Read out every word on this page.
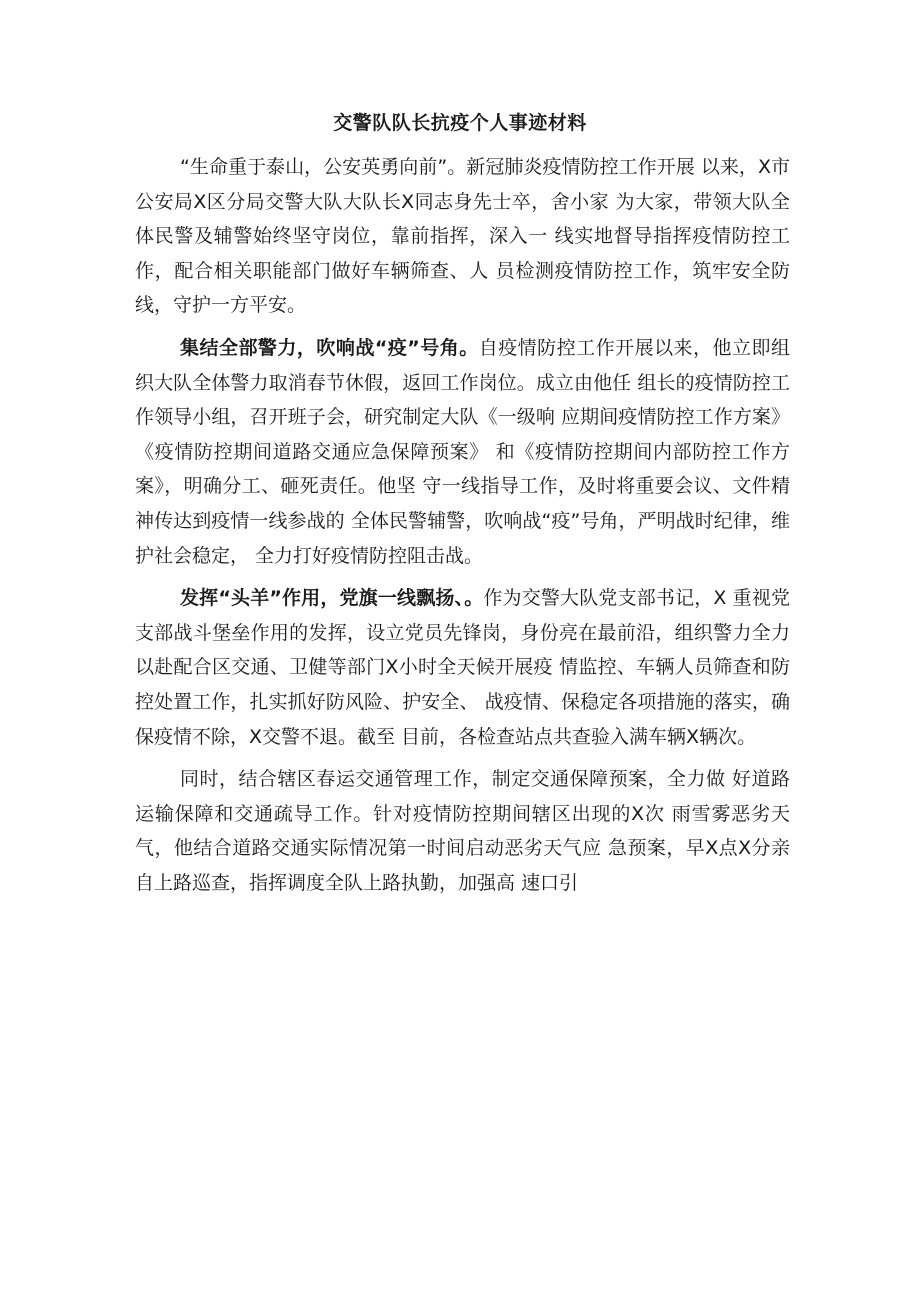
交警队队长抗疫个人事迹材料

“生命重于泰山，公安英勇向前”。新冠肺炎疫情防控工作开展 以来，X市公安局X区分局交警大队大队长X同志身先士卒，舍小家 为大家，带领大队全体民警及辅警始终坚守岗位，靠前指挥，深入一 线实地督导指挥疫情防控工作，配合相关职能部门做好车辆筛查、人 员检测疫情防控工作，筑牢安全防线，守护一方平安。

集结全部警力，吹响战“疫”号角。自疫情防控工作开展以来，他立即组织大队全体警力取消春节休假，返回工作岗位。成立由他任 组长的疫情防控工作领导小组，召开班子会，研究制定大队《一级响 应期间疫情防控工作方案》《疫情防控期间道路交通应急保障预案》 和《疫情防控期间内部防控工作方案》，明确分工、砸死责任。他坚 守一线指导工作，及时将重要会议、文件精神传达到疫情一线参战的 全体民警辅警，吹响战“疫”号角，严明战时纪律，维护社会稳定， 全力打好疫情防控阻击战。

发挥“头羊”作用，党旗一线飘扬、。作为交警大队党支部书记，X 重视党支部战斗堡垒作用的发挥，设立党员先锋岗，身份亮在最前沿，组织警力全力以赴配合区交通、卫健等部门X小时全天候开展疫 情监控、车辆人员筛查和防控处置工作，扎实抓好防风险、护安全、 战疫情、保稳定各项措施的落实，确保疫情不除，X交警不退。截至 目前，各检查站点共查验入满车辆X辆次。

同时，结合辖区春运交通管理工作，制定交通保障预案，全力做 好道路运输保障和交通疏导工作。针对疫情防控期间辖区出现的X次 雨雪雾恶劣天气，他结合道路交通实际情况第一时间启动恶劣天气应 急预案，早X点X分亲自上路巡查，指挥调度全队上路执勤，加强高 速口引
